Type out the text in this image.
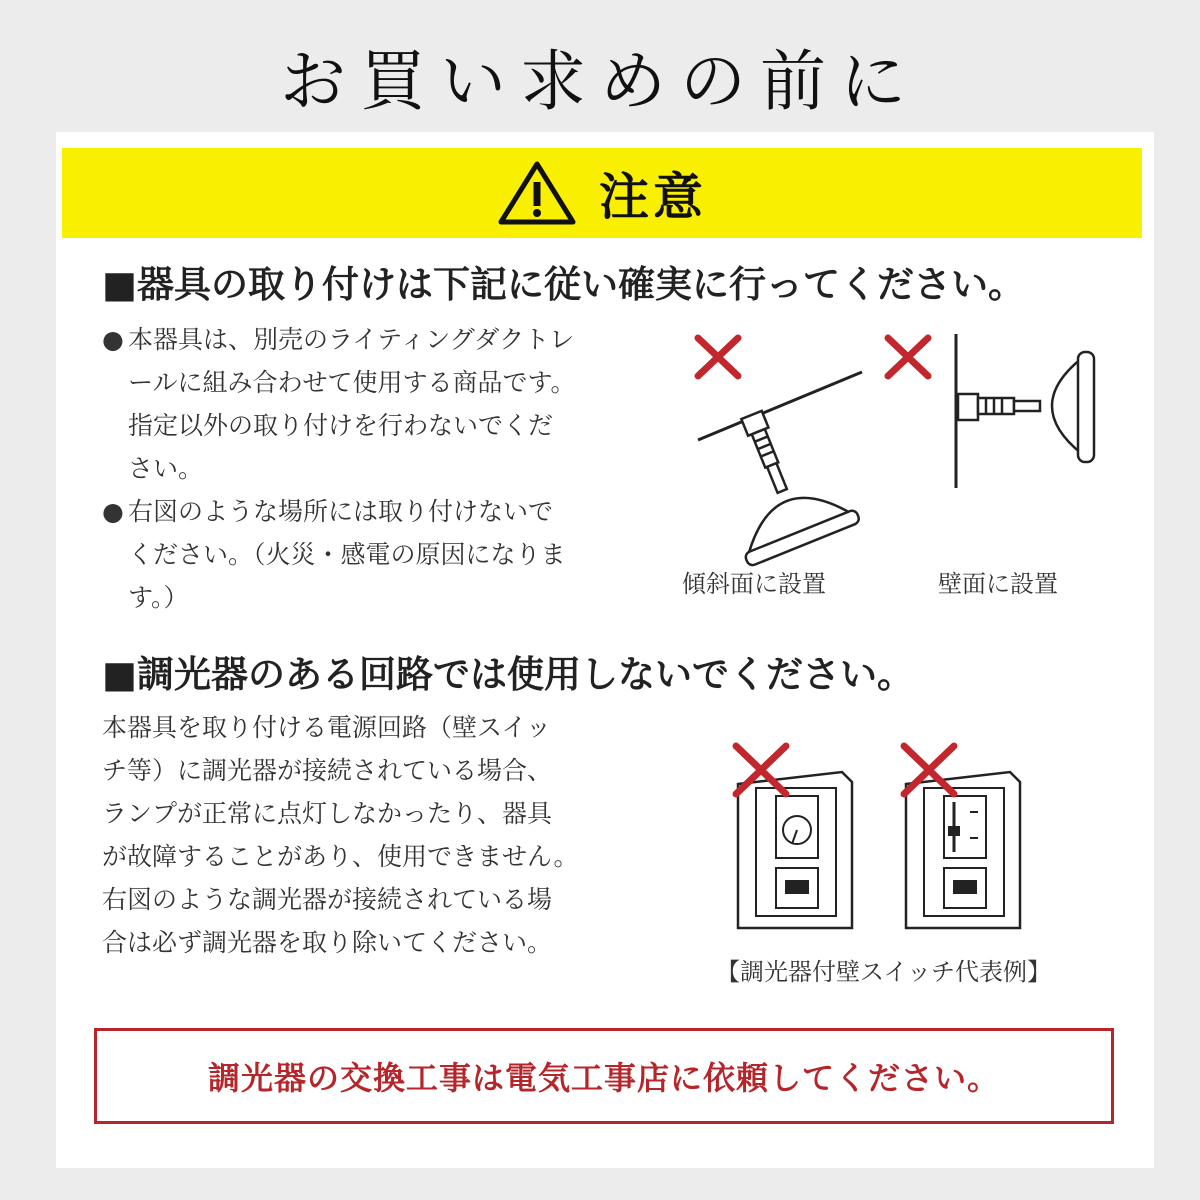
お買い求めの前に
注意
■器具の取り付けは下記に従い確実に行ってください。
● 本器具は、別売のライティングダクトレ
ールに組み合わせて使用する商品です。
指定以外の取り付けを行わないでくだ
さい。
● 右図のような場所には取り付けないで
ください。（火災・感電の原因になりま
す。）	傾斜面に設置	壁面に設置
■調光器のある回路では使用しないでください。
本器具を取り付ける電源回路（壁スイッ
チ等）に調光器が接続されている場合、
ランプが正常に点灯しなかったり、器具
が故障することがあり、使用できません。
右図のような調光器が接続されている場
合は必ず調光器を取り除いてください。
【調光器付壁スイッチ代表例】
調光器の交換工事は電気工事店に依頼してください。
